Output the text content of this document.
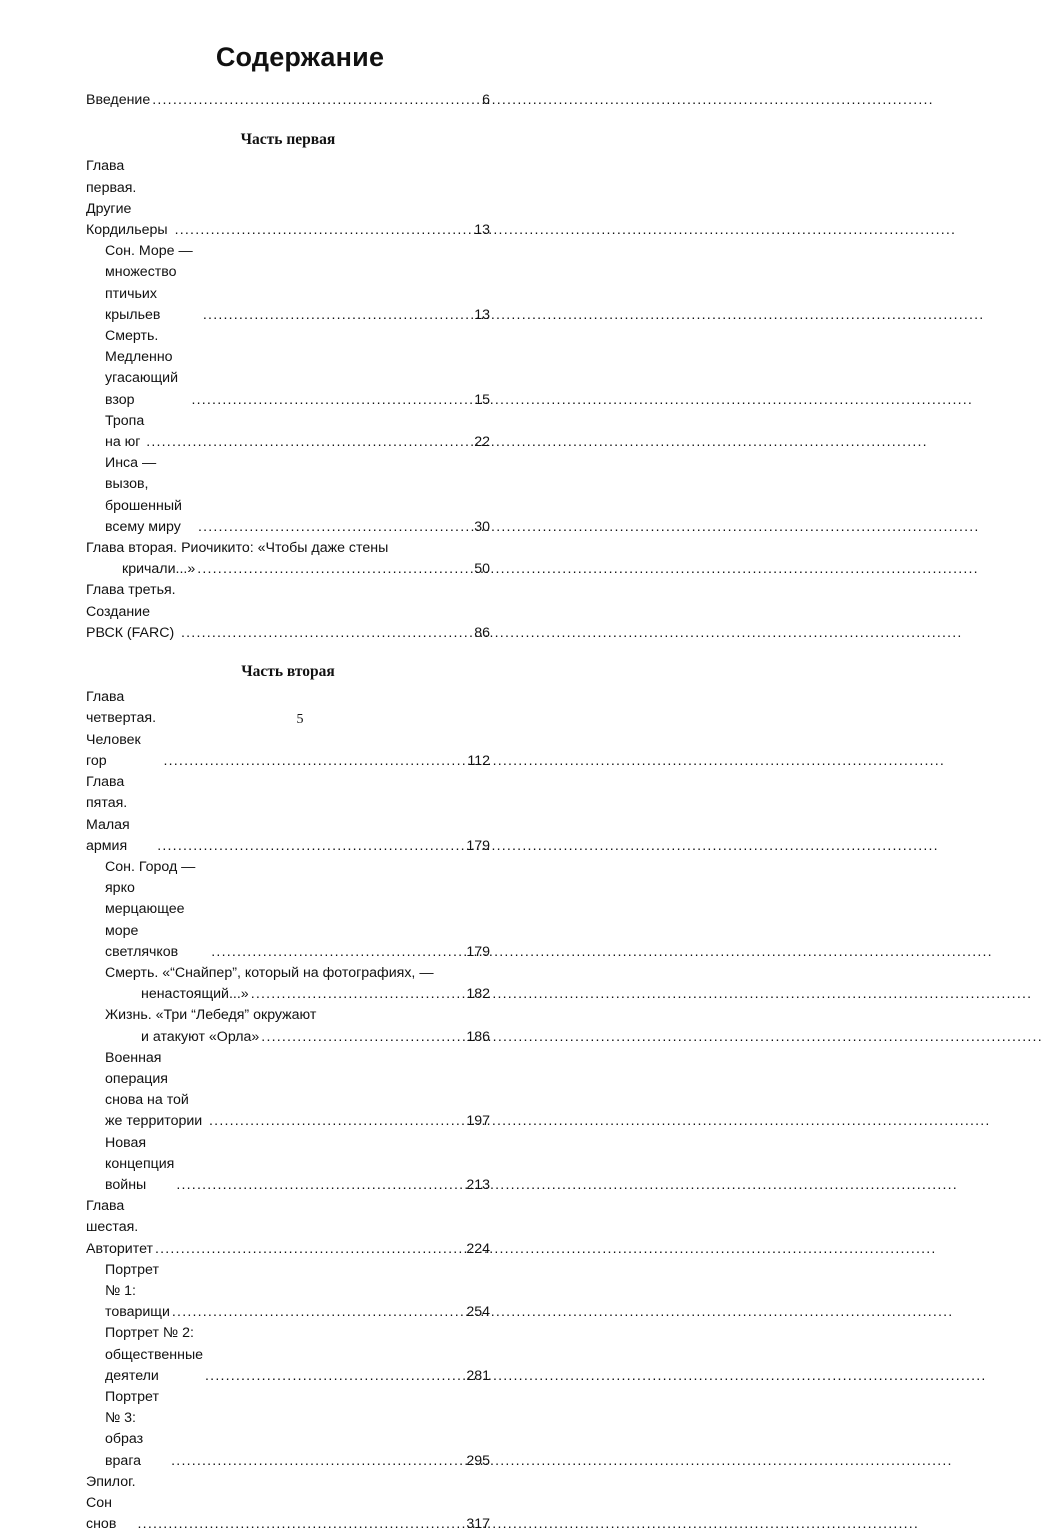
Содержание
Введение .....	6
Часть первая
Глава первая. Другие Кордильеры .....	13
Сон. Море — множество птичьих крыльев .....	13
Смерть. Медленно угасающий взор .....	15
Тропа на юг .....	22
Инса — вызов, брошенный всему миру .....	30
Глава вторая. Риочикито: «Чтобы даже стены
кричали...» .....	50
Глава третья. Создание РВСК (FARC) .....	86
Часть вторая
Глава четвертая. Человек гор .....	112
Глава пятая. Малая армия .....	179
Сон. Город — ярко мерцающее море светлячков .....	179
Смерть. «“Снайпер”, который на фотографиях, —
ненастоящий...» .....	182
Жизнь. «Три “Лебедя” окружают
и атакуют «Орла» .....	186
Военная операция снова на той же территории .....	197
Новая концепция войны .....	213
Глава шестая. Авторитет .....	224
Портрет № 1: товарищи .....	254
Портрет № 2: общественные деятели .....	281
Портрет № 3: образ врага .....	295
Эпилог. Сон снов .....	317
5
